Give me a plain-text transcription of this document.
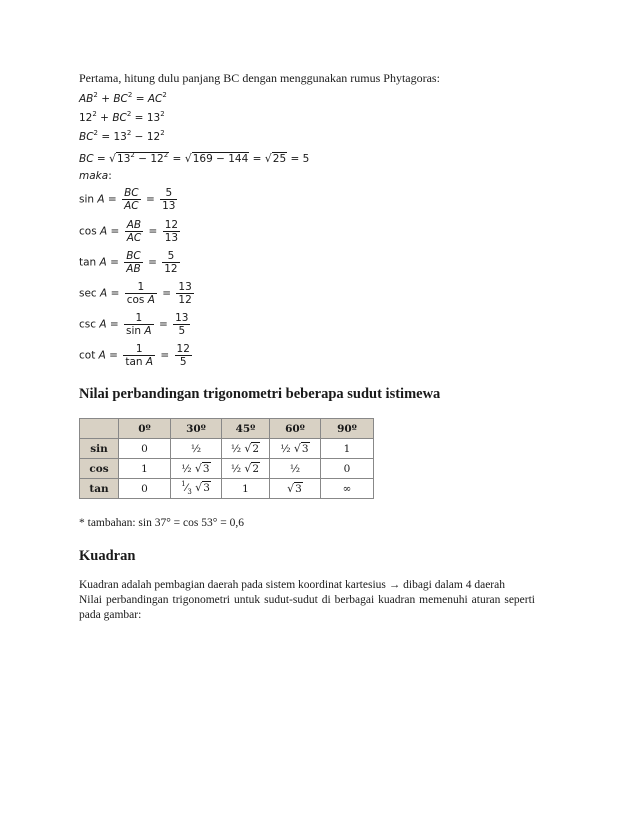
Pertama, hitung dulu panjang BC dengan menggunakan rumus Phytagoras:
$AB^2 + BC^2 = AC^2$
$12^2 + BC^2 = 13^2$
$BC^2 = 13^2 - 12^2$
BC = $√13^2 - 12^2 = √169 - 144 = √25 = 5$
maka:
$\sin A = \frac{BC}{AC} = \frac{5}{13}$
$\cos A = \frac{AB}{AC} = \frac{12}{13}$
$\tan A = \frac{BC}{AB} = \frac{5}{12}$
$\sec A = \frac{1}{\text{cos A}} = \frac{13}{12}$
$\csc A = \frac{1}{\text{sin A}} = \frac{13}{5}$
$\cot A = \frac{1}{\text{tan A}} = \frac{12}{5}$
Nilai perbandingan trigonometri beberapa sudut istimewa
	0º	30º	45º	60º	90º
sin	0	½	½ √2	½ √3	1
cos	1	½ √3	½ √2	½	0
tan	0	$^1⁄_3$ √3	1	√3	∞
* tambahan: sin 37° = cos 53° = 0,6
Kuadran
Kuadran adalah pembagian daerah pada sistem koordinat kartesius → dibagi dalam 4 daerah
Nilai perbandingan trigonometri untuk sudut-sudut di berbagai kuadran memenuhi aturan seperti pada gambar:
